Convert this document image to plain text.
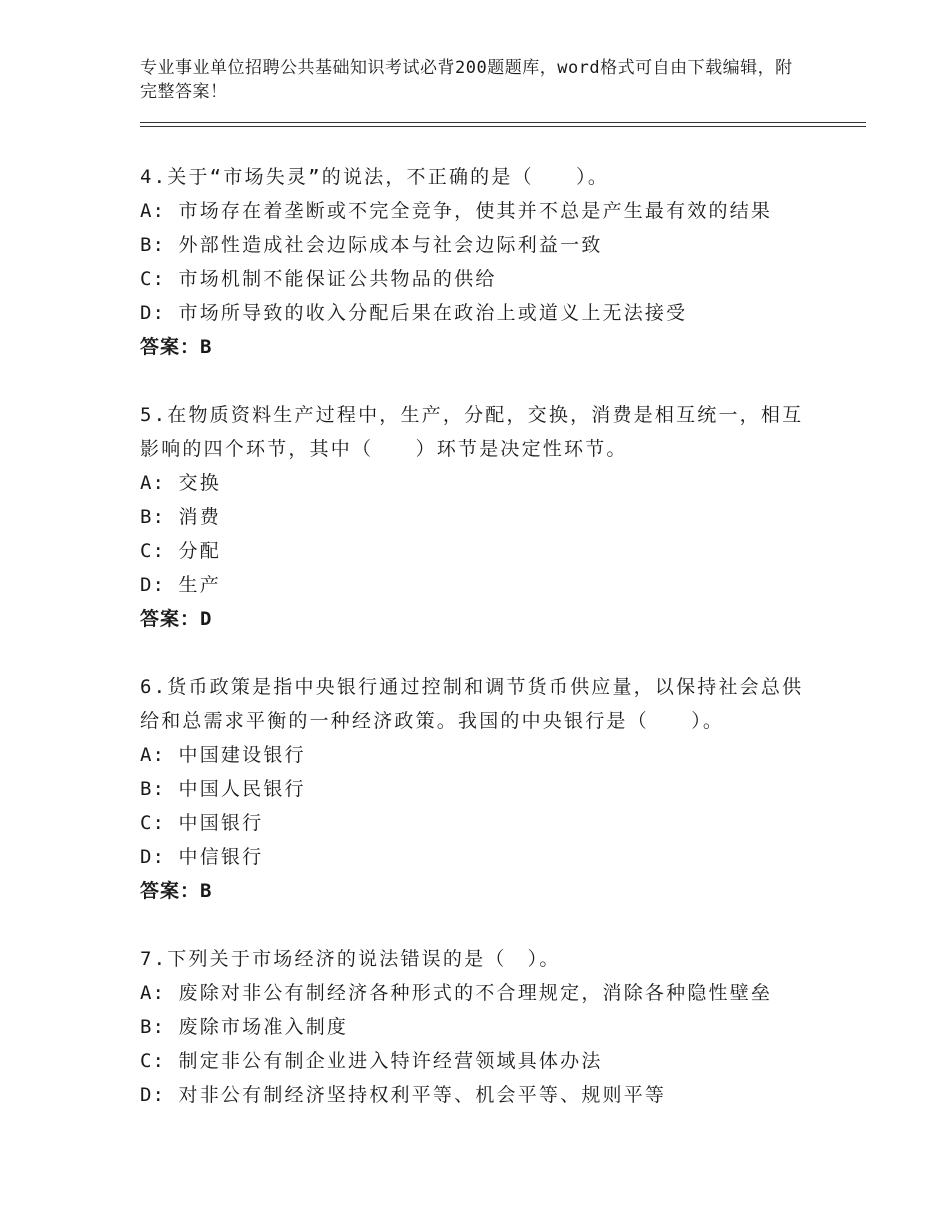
专业事业单位招聘公共基础知识考试必背200题题库，word格式可自由下载编辑，附完整答案！
4.关于“市场失灵”的说法，不正确的是（　　）。
A: 市场存在着垄断或不完全竞争，使其并不总是产生最有效的结果
B: 外部性造成社会边际成本与社会边际利益一致
C: 市场机制不能保证公共物品的供给
D: 市场所导致的收入分配后果在政治上或道义上无法接受
答案：B
5.在物质资料生产过程中，生产，分配，交换，消费是相互统一，相互影响的四个环节，其中（　　）环节是决定性环节。
A: 交换
B: 消费
C: 分配
D: 生产
答案：D
6.货币政策是指中央银行通过控制和调节货币供应量，以保持社会总供给和总需求平衡的一种经济政策。我国的中央银行是（　　）。
A: 中国建设银行
B: 中国人民银行
C: 中国银行
D: 中信银行
答案：B
7.下列关于市场经济的说法错误的是（　）。
A: 废除对非公有制经济各种形式的不合理规定，消除各种隐性壁垒
B: 废除市场准入制度
C: 制定非公有制企业进入特许经营领域具体办法
D: 对非公有制经济坚持权利平等、机会平等、规则平等
